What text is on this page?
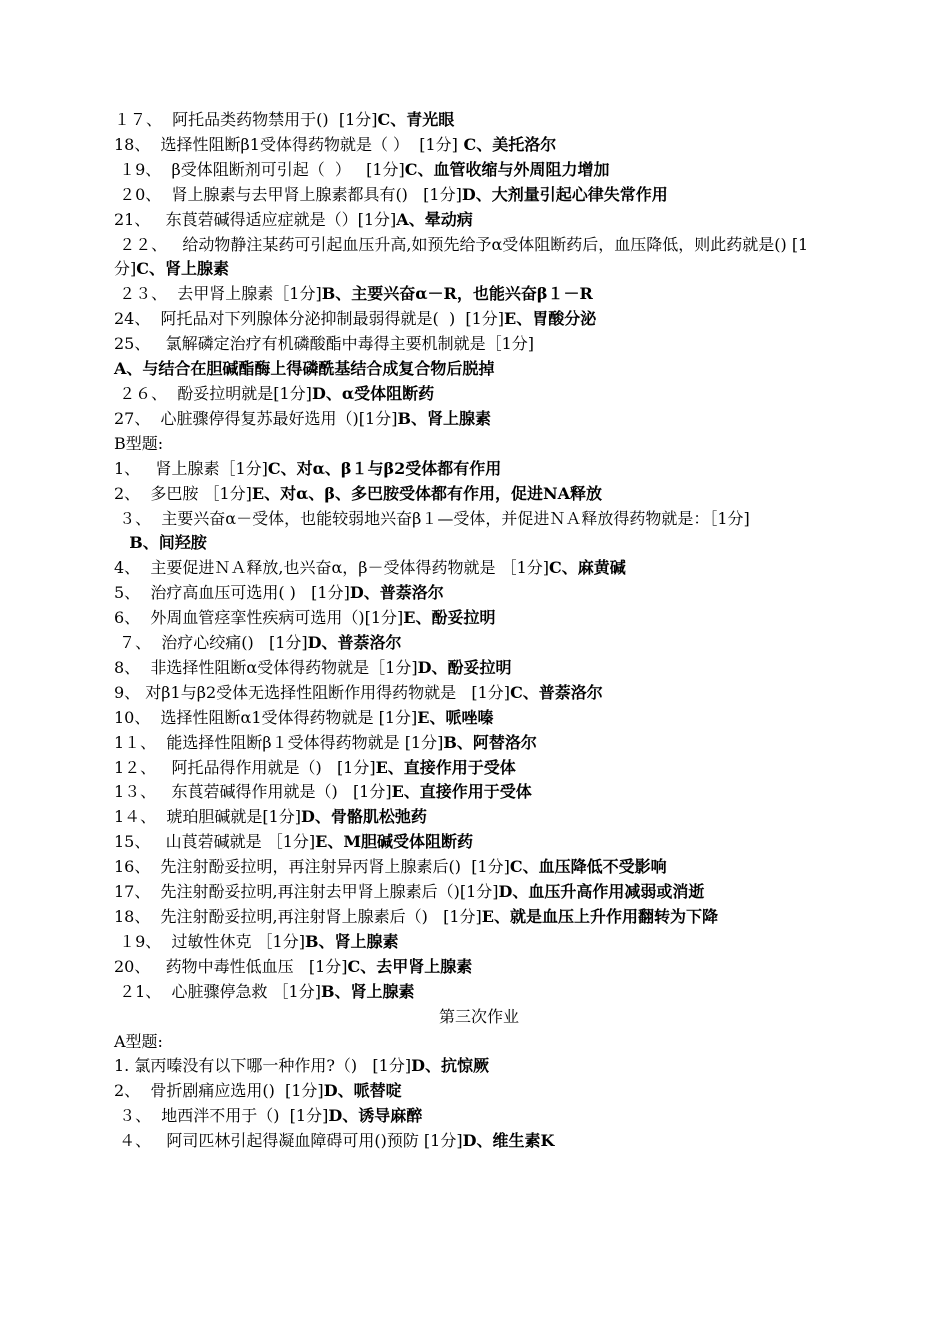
１７、  阿托品类药物禁用于()  [1分]C、青光眼
18、  选择性阻断β1受体得药物就是（ ）  [1分] C、美托洛尔
１9、  β受体阻断剂可引起（  ）   [1分]C、血管收缩与外周阻力增加
２0、  肾上腺素与去甲肾上腺素都具有()   [1分]D、大剂量引起心律失常作用
21、   东莨菪碱得适应症就是（）[1分]A、晕动病
２２、   给动物静注某药可引起血压升高,如预先给予α受体阻断药后，血压降低，则此药就是() [1分]C、肾上腺素
２３、  去甲肾上腺素［1分]B、主要兴奋α－R，也能兴奋β１－R
24、  阿托品对下列腺体分泌抑制最弱得就是(  )  [1分]E、胃酸分泌
25、   氯解磷定治疗有机磷酸酯中毒得主要机制就是［1分]
A、与结合在胆碱酯酶上得磷酰基结合成复合物后脱掉
２６、  酚妥拉明就是[1分]D、α受体阻断药
27、  心脏骤停得复苏最好选用（)[1分]B、肾上腺素
B型题:
1、   肾上腺素［1分]C、对α、β１与β2受体都有作用
2、  多巴胺 ［1分]E、对α、β、多巴胺受体都有作用，促进NA释放
３、  主要兴奋α－受体，也能较弱地兴奋β１—受体，并促进ＮＡ释放得药物就是：［1分]
B、间羟胺
4、  主要促进ＮＡ释放,也兴奋α，β－受体得药物就是 ［1分]C、麻黄碱
5、  治疗高血压可选用( )   [1分]D、普萘洛尔
6、  外周血管痉挛性疾病可选用（)[1分]E、酚妥拉明
７、  治疗心绞痛()   [1分]D、普萘洛尔
8、  非选择性阻断α受体得药物就是［1分]D、酚妥拉明
9、 对β1与β2受体无选择性阻断作用得药物就是   [1分]C、普萘洛尔
10、  选择性阻断α1受体得药物就是 [1分]E、哌唑嗪
1１、  能选择性阻断β１受体得药物就是 [1分]B、阿替洛尔
1２、   阿托品得作用就是（)   [1分]E、直接作用于受体
1３、   东莨菪碱得作用就是（)   [1分]E、直接作用于受体
1４、  琥珀胆碱就是[1分]D、骨骼肌松弛药
15、   山莨菪碱就是 ［1分]E、M胆碱受体阻断药
16、  先注射酚妥拉明，再注射异丙肾上腺素后()  [1分]C、血压降低不受影响
17、  先注射酚妥拉明,再注射去甲肾上腺素后（)[1分]D、血压升高作用减弱或消逝
18、  先注射酚妥拉明,再注射肾上腺素后（)   [1分]E、就是血压上升作用翻转为下降
１9、  过敏性休克 ［1分]B、肾上腺素
20、   药物中毒性低血压   [1分]C、去甲肾上腺素
２1、  心脏骤停急救 ［1分]B、肾上腺素
第三次作业
A型题:
1. 氯丙嗪没有以下哪一种作用?（)   [1分]D、抗惊厥
2、  骨折剧痛应选用()  [1分]D、哌替啶
３、  地西泮不用于（)  [1分]D、诱导麻醉
４、   阿司匹林引起得凝血障碍可用()预防 [1分]D、维生素K
